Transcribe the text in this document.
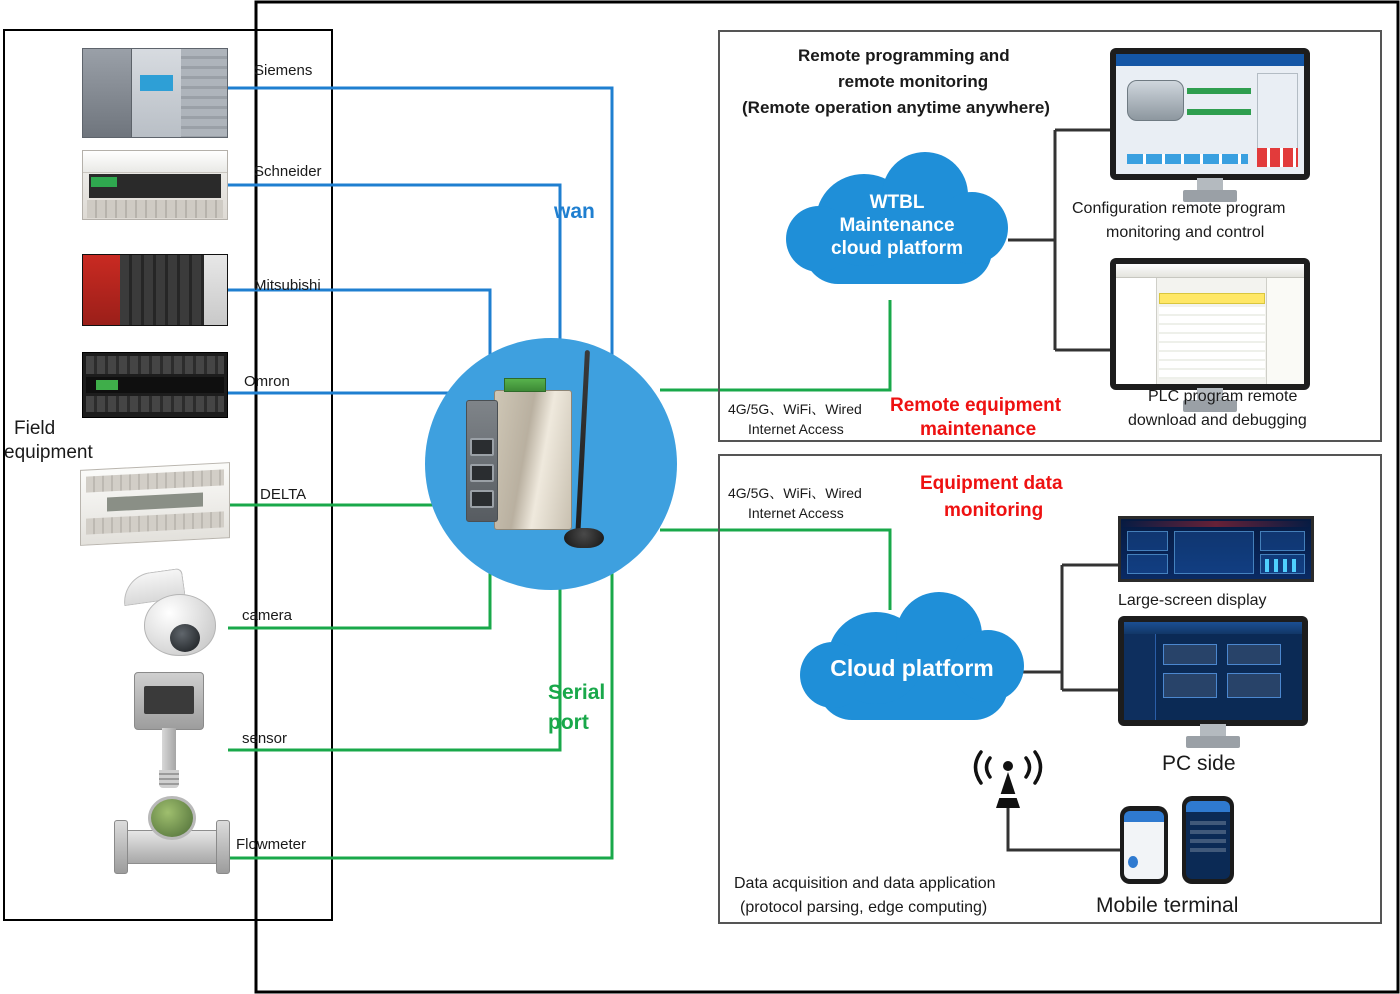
Field
equipment
Siemens
Schneider
Mitsubishi
Omron
DELTA
camera
sensor
Flowmeter
wan
Serial
port
Remote programming and
remote monitoring
(Remote operation anytime anywhere)
WTBL
Maintenance
cloud platform
4G/5G、WiFi、Wired
Internet Access
Remote equipment
maintenance
Configuration remote program
monitoring and control
PLC program remote
download and debugging
4G/5G、WiFi、Wired
Internet Access
Equipment data
monitoring
Cloud platform
Large-screen display
PC side
Mobile terminal
Data acquisition and data application
(protocol parsing, edge computing)
